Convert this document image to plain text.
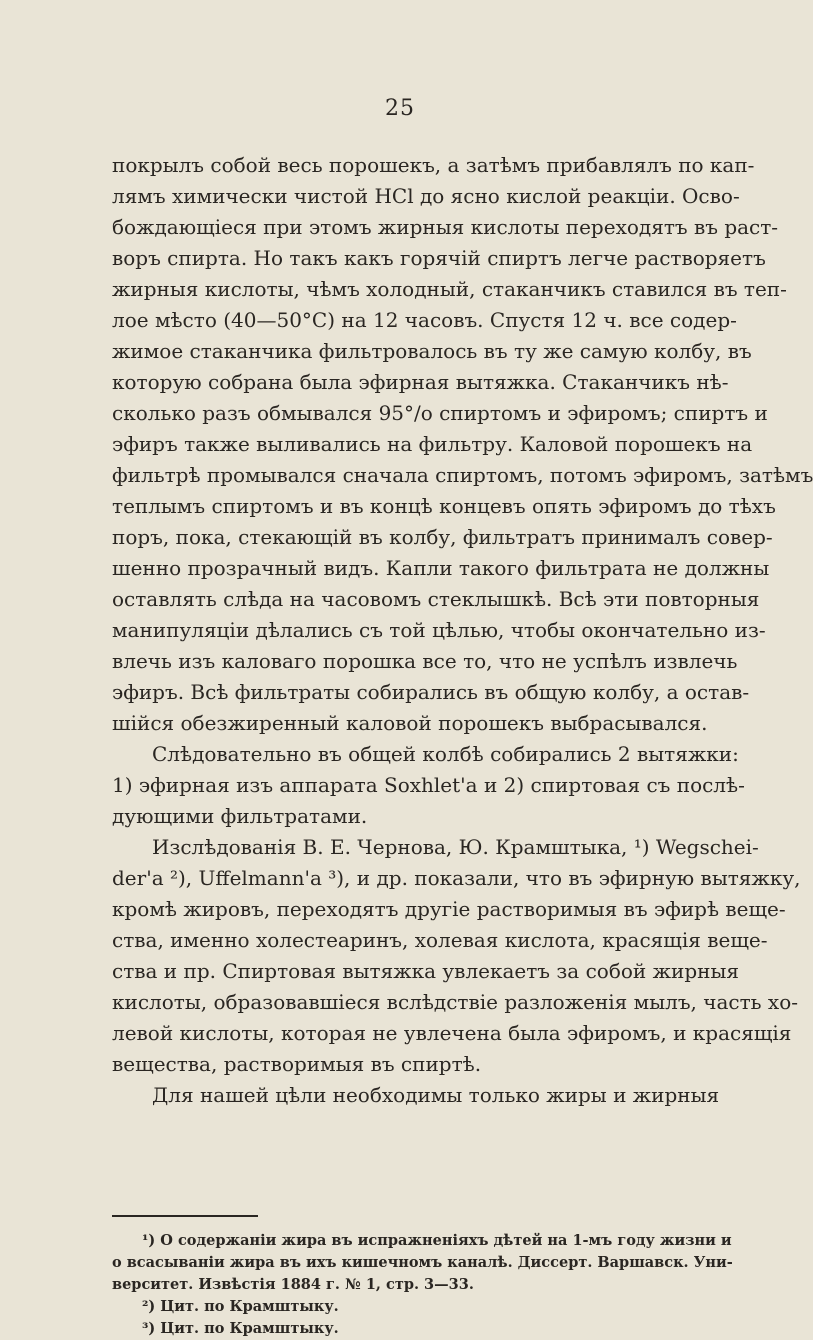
25
покрылъ собой весь порошекъ, а затѣмъ прибавлялъ по кап-
лямъ химически чистой HCl до ясно кислой реакціи. Осво-
бождающіеся при этомъ жирныя кислоты переходятъ въ раст-
воръ спирта. Но такъ какъ горячій спиртъ легче растворяетъ
жирныя кислоты, чѣмъ холодный, стаканчикъ ставился въ теп-
лое мѣсто (40—50°С) на 12 часовъ. Спустя 12 ч. все содер-
жимое стаканчика фильтровалось въ ту же самую колбу, въ
которую собрана была эфирная вытяжка. Стаканчикъ нѣ-
сколько разъ обмывался 95°/o спиртомъ и эфиромъ; спиртъ и
эфиръ также выливались на фильтру. Каловой порошекъ на
фильтрѣ промывался сначала спиртомъ, потомъ эфиромъ, затѣмъ
теплымъ спиртомъ и въ концѣ концевъ опять эфиромъ до тѣхъ
поръ, пока, стекающій въ колбу, фильтратъ принималъ совер-
шенно прозрачный видъ. Капли такого фильтрата не должны
оставлять слѣда на часовомъ стеклышкѣ. Всѣ эти повторныя
манипуляціи дѣлались съ той цѣлью, чтобы окончательно из-
влечь изъ каловаго порошка все то, что не успѣлъ извлечь
эфиръ. Всѣ фильтраты собирались въ общую колбу, а остав-
шійся обезжиренный каловой порошекъ выбрасывался.
Слѣдовательно въ общей колбѣ собирались 2 вытяжки:
1) эфирная изъ аппарата Soxhlet'a и 2) спиртовая съ послѣ-
дующими фильтратами.
Изслѣдованія В. Е. Чернова, Ю. Крамштыка, ¹) Wegscheі-
der'a ²), Uffelmann'a ³), и др. показали, что въ эфирную вытяжку,
кромѣ жировъ, переходятъ другіе растворимыя въ эфирѣ веще-
ства, именно холестеаринъ, холевая кислота, красящія веще-
ства и пр. Спиртовая вытяжка увлекаетъ за собой жирныя
кислоты, образовавшіеся вслѣдствіе разложенія мылъ, часть хо-
левой кислоты, которая не увлечена была эфиромъ, и красящія
вещества, растворимыя въ спиртѣ.
Для нашей цѣли необходимы только жиры и жирныя
¹) О содержаніи жира въ испражненіяхъ дѣтей на 1-мъ году жизни и
о всасываніи жира въ ихъ кишечномъ каналѣ. Диссерт. Варшавск. Уни-
верситет. Извѣстія 1884 г. № 1, стр. 3—33.
²) Цит. по Крамштыку.
³) Цит. по Крамштыку.
